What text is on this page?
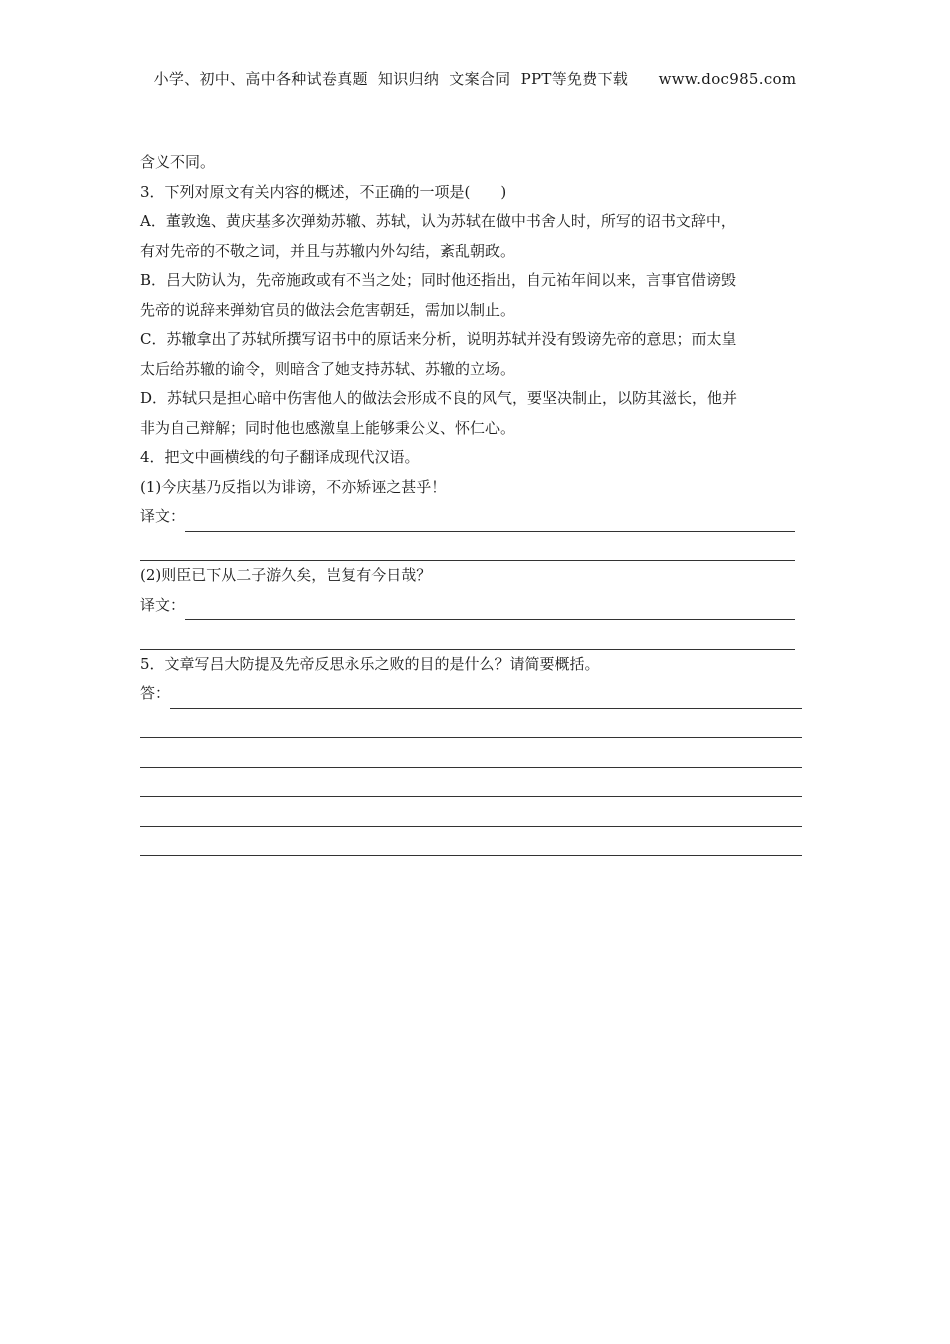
小学、初中、高中各种试卷真题  知识归纳  文案合同  PPT等免费下载      www.doc985.com
含义不同。
3．下列对原文有关内容的概述，不正确的一项是(　　)
A．董敦逸、黄庆基多次弹劾苏辙、苏轼，认为苏轼在做中书舍人时，所写的诏书文辞中，
有对先帝的不敬之词，并且与苏辙内外勾结，紊乱朝政。
B．吕大防认为，先帝施政或有不当之处；同时他还指出，自元祐年间以来，言事官借谤毁
先帝的说辞来弹劾官员的做法会危害朝廷，需加以制止。
C．苏辙拿出了苏轼所撰写诏书中的原话来分析，说明苏轼并没有毁谤先帝的意思；而太皇
太后给苏辙的谕令，则暗含了她支持苏轼、苏辙的立场。
D．苏轼只是担心暗中伤害他人的做法会形成不良的风气，要坚决制止，以防其滋长，他并
非为自己辩解；同时他也感激皇上能够秉公义、怀仁心。
4．把文中画横线的句子翻译成现代汉语。
(1)今庆基乃反指以为诽谤，不亦矫诬之甚乎！
译文：
(2)则臣已下从二子游久矣，岂复有今日哉？
译文：
5．文章写吕大防提及先帝反思永乐之败的目的是什么？请简要概括。
答：
